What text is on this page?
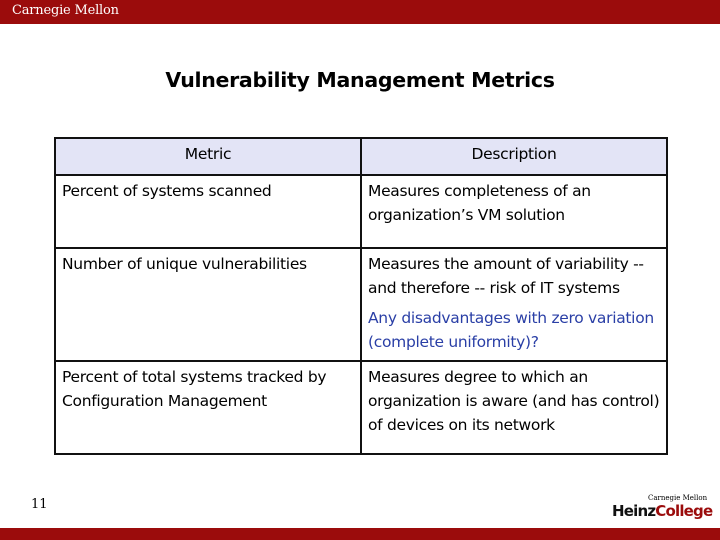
Carnegie Mellon
Vulnerability Management Metrics
Metric	Description
Percent of systems scanned	Measures completeness of an organization’s VM solution
Number of unique vulnerabilities	Measures the amount of variability -- and therefore -- risk of IT systems
Any disadvantages with zero variation (complete uniformity)?

Percent of total systems tracked by Configuration Management	Measures degree to which an organization is aware (and has control) of devices on its network
11	Carnegie Mellon
HeinzCollege
